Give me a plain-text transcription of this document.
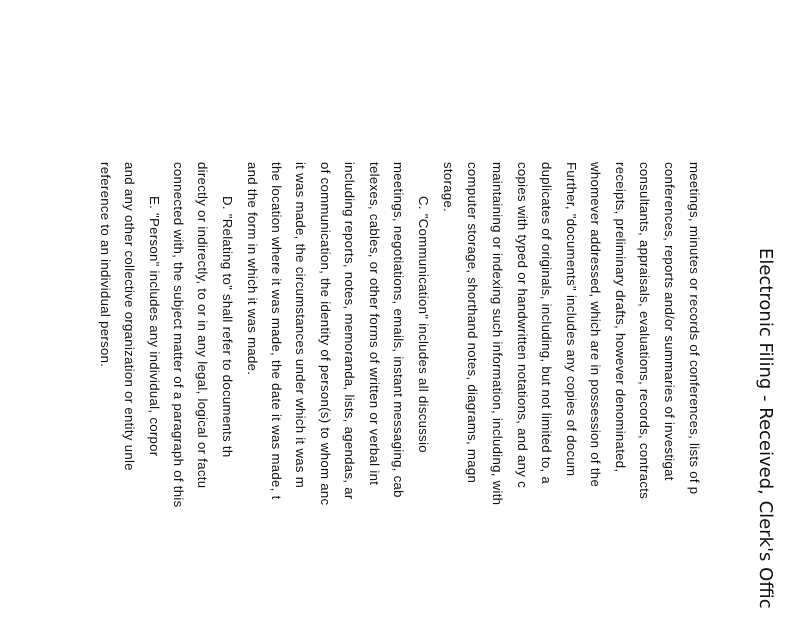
Electronic Filing - Received, Clerk's Offic
meetings, minutes or records of conferences, lists of p
conferences, reports and/or summaries of investigat
consultants, appraisals, evaluations, records, contracts
receipts, preliminary drafts, however denominated,
whomever addressed, which are in possession of the
Further, "documents" includes any copies of docum
duplicates of originals, including, but not limited to, a
copies with typed or handwritten notations, and any c
maintaining or indexing such information, including, with
computer storage, shorthand notes, diagrams, magn
storage.
C. "Communication" includes all discussio
meetings, negotiations, emails, instant messaging, cab
telexes, cables, or other forms of written or verbal int
including reports, notes, memoranda, lists, agendas, ar
of communication, the identity of person(s) to whom anc
it was made, the circumstances under which it was m
the location where it was made, the date it was made, t
and the form in which it was made.
D. "Relating to" shall refer to documents th
directly or indirectly, to or in any legal, logical or factu
connected with, the subject matter of a paragraph of this
E. "Person" includes any individual, corpor
and any other collective organization or entity unle
reference to an individual person.
